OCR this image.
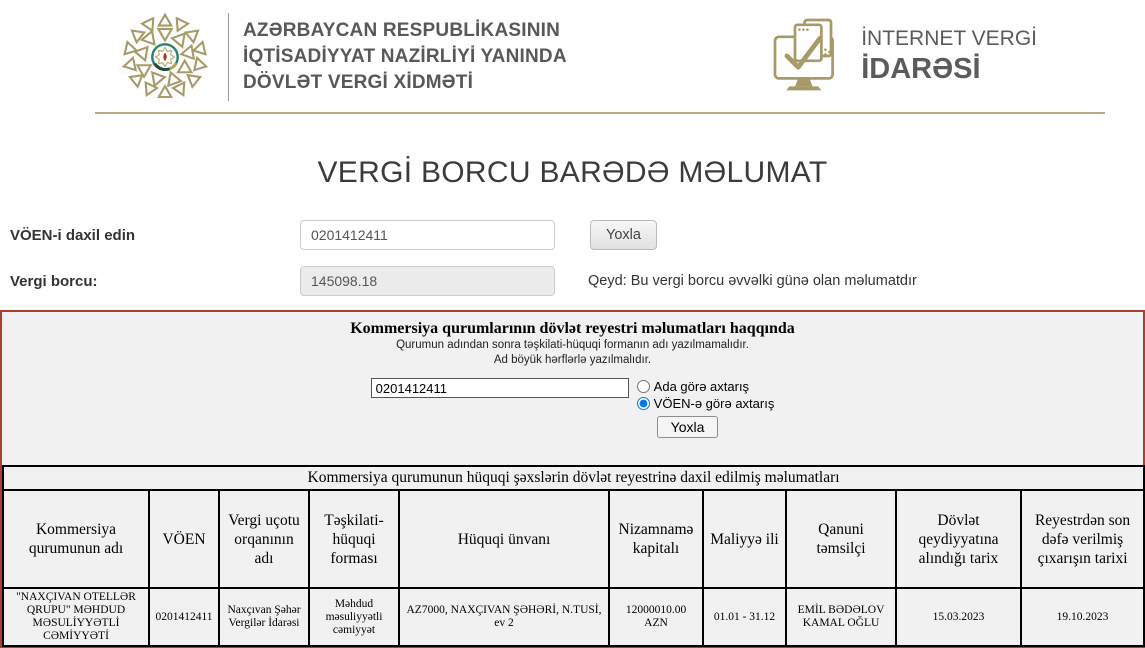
AZƏRBAYCAN RESPUBLİKASININ
İQTİSADİYYAT NAZİRLİYİ YANINDA
DÖVLƏT VERGİ XİDMƏTİ
İNTERNET VERGİ
İDARƏSİ
VERGİ BORCU BARƏDƏ MƏLUMAT
VÖEN-i daxil edin
0201412411	Yoxla
Vergi borcu:
145098.18	Qeyd: Bu vergi borcu əvvəlki günə olan məlumatdır
Kommersiya qurumlarının dövlət reyestri məlumatları haqqında
Qurumun adından sonra təşkilati-hüquqi formanın adı yazılmamalıdır.
Ad böyük hərflərlə yazılmalıdır.
0201412411
Ada görə axtarış
VÖEN-ə görə axtarış
Yoxla
Kommersiya qurumunun hüquqi şəxslərin dövlət reyestrinə daxil edilmiş məlumatları									
Kommersiya qurumunun adı	VÖEN	Vergi uçotu orqanının adı	Təşkilati-hüquqi forması	Hüquqi ünvanı	Nizamnamə kapitalı	Maliyyə ili	Qanuni təmsilçi	Dövlət qeydiyyatına alındığı tarix	Reyestrdən son dəfə verilmiş çıxarışın tarixi
"NAXÇIVAN OTELLƏR QRUPU" MƏHDUD MƏSULİYYƏTLİ CƏMİYYƏTİ	0201412411	Naxçıvan Şəhər Vergilər İdarəsi	Məhdud məsuliyyətli cəmiyyət	AZ7000, NAXÇIVAN ŞƏHƏRİ, N.TUSİ, ev 2	12000010.00 AZN	01.01 - 31.12	EMİL BƏDƏLOV KAMAL OĞLU	15.03.2023	19.10.2023
